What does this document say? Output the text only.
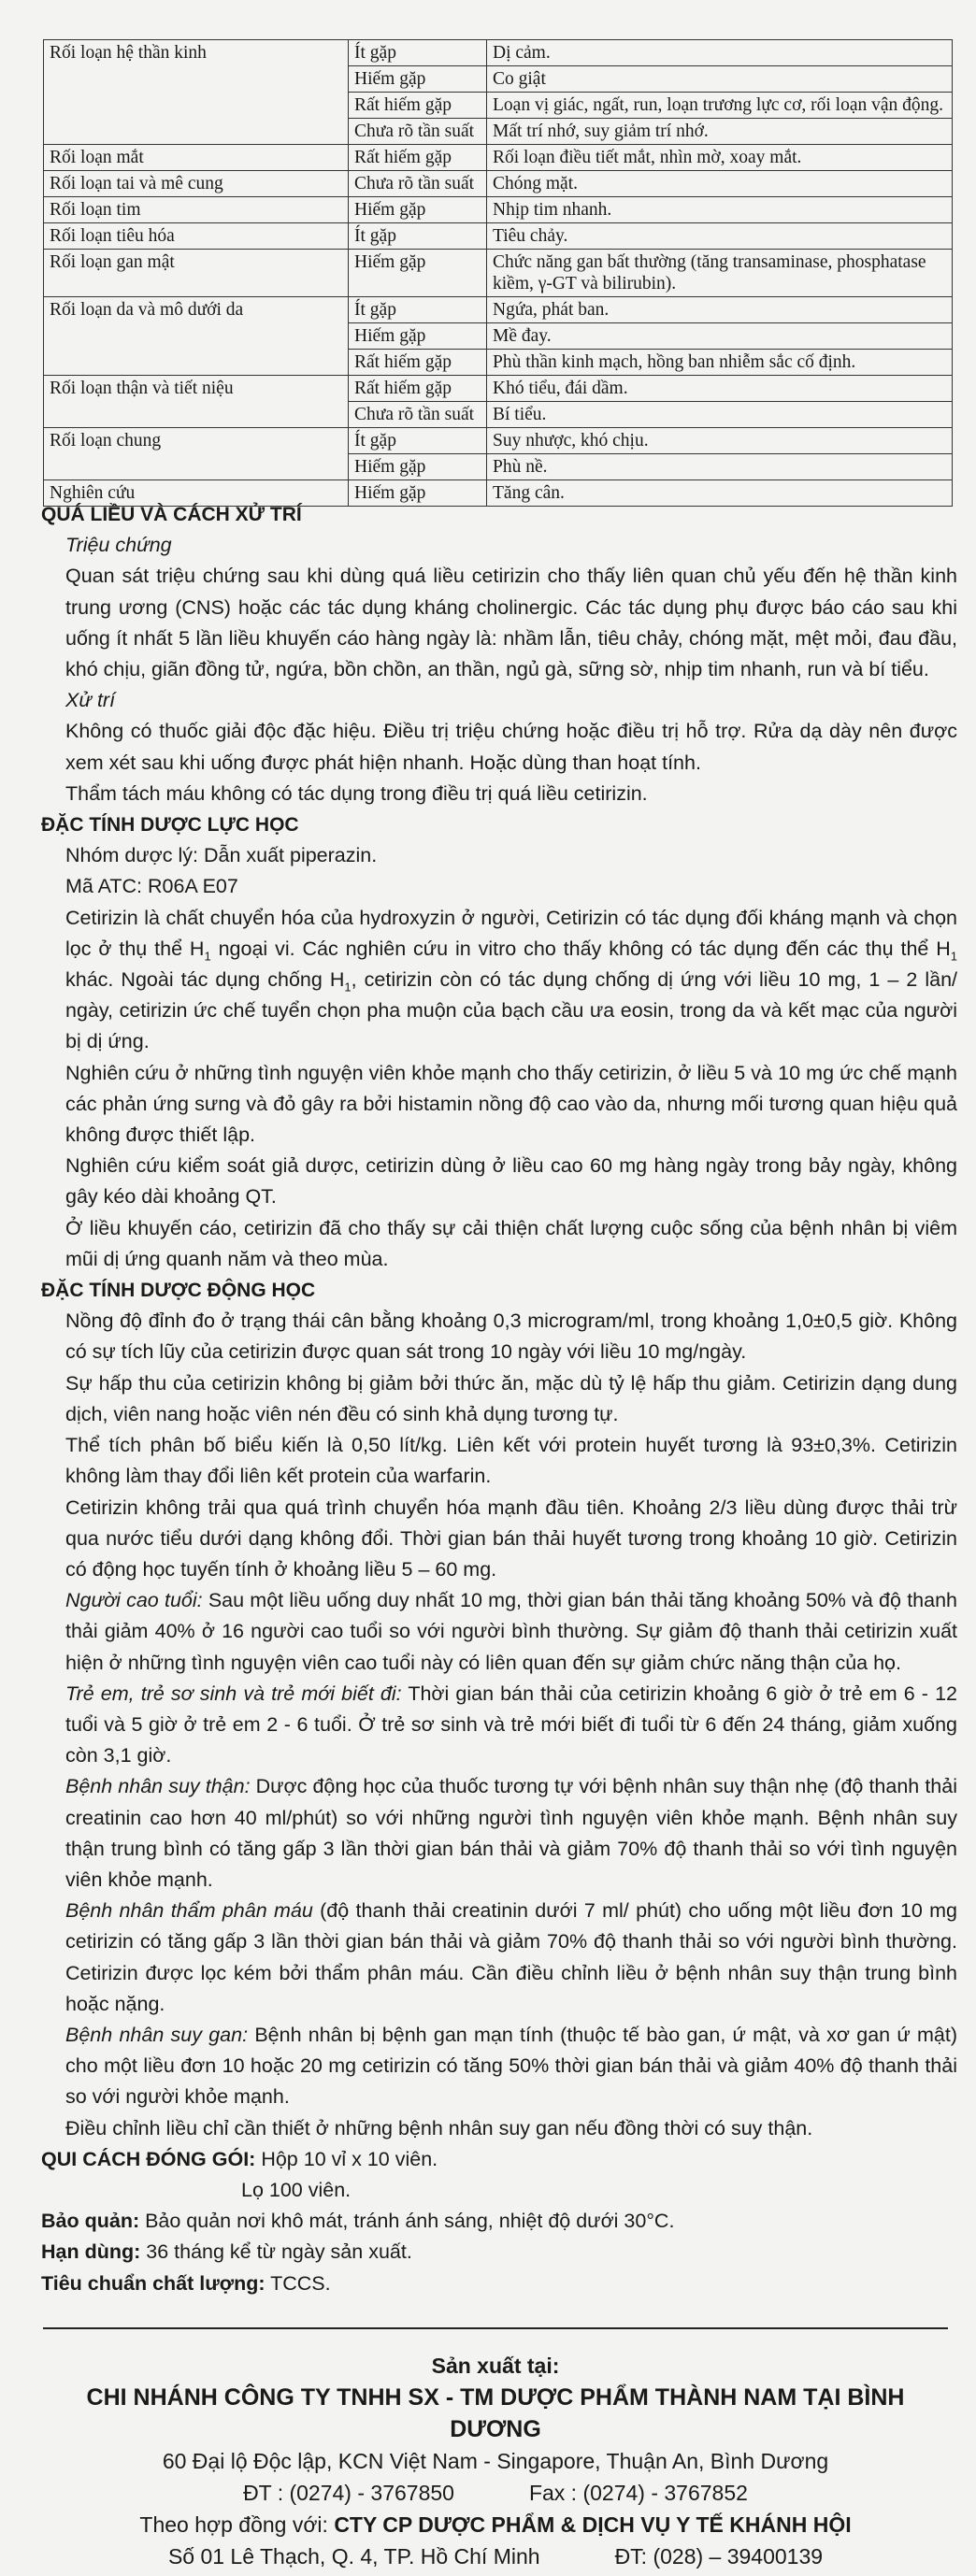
Rối loạn hệ thần kinh	Ít gặp	Dị cảm.
	Hiếm gặp	Co giật
	Rất hiếm gặp	Loạn vị giác, ngất, run, loạn trương lực cơ, rối loạn vận động.
	Chưa rõ tần suất	Mất trí nhớ, suy giảm trí nhớ.
Rối loạn mắt	Rất hiếm gặp	Rối loạn điều tiết mắt, nhìn mờ, xoay mắt.
Rối loạn tai và mê cung	Chưa rõ tần suất	Chóng mặt.
Rối loạn tim	Hiếm gặp	Nhịp tim nhanh.
Rối loạn tiêu hóa	Ít gặp	Tiêu chảy.
Rối loạn gan mật	Hiếm gặp	Chức năng gan bất thường (tăng transaminase, phosphatase kiềm, γ-GT và bilirubin).
Rối loạn da và mô dưới da	Ít gặp	Ngứa, phát ban.
	Hiếm gặp	Mề đay.
	Rất hiếm gặp	Phù thần kinh mạch, hồng ban nhiễm sắc cố định.
Rối loạn thận và tiết niệu	Rất hiếm gặp	Khó tiểu, đái dầm.
	Chưa rõ tần suất	Bí tiểu.
Rối loạn chung	Ít gặp	Suy nhược, khó chịu.
	Hiếm gặp	Phù nề.
Nghiên cứu	Hiếm gặp	Tăng cân.

QUÁ LIỀU VÀ CÁCH XỬ TRÍ

Triệu chứng

Quan sát triệu chứng sau khi dùng quá liều cetirizin cho thấy liên quan chủ yếu đến hệ thần kinh trung ương (CNS) hoặc các tác dụng kháng cholinergic. Các tác dụng phụ được báo cáo sau khi uống ít nhất 5 lần liều khuyến cáo hàng ngày là: nhầm lẫn, tiêu chảy, chóng mặt, mệt mỏi, đau đầu, khó chịu, giãn đồng tử, ngứa, bồn chồn, an thần, ngủ gà, sững sờ, nhịp tim nhanh, run và bí tiểu.

Xử trí

Không có thuốc giải độc đặc hiệu. Điều trị triệu chứng hoặc điều trị hỗ trợ. Rửa dạ dày nên được xem xét sau khi uống được phát hiện nhanh. Hoặc dùng than hoạt tính.

Thẩm tách máu không có tác dụng trong điều trị quá liều cetirizin.

ĐẶC TÍNH DƯỢC LỰC HỌC

Nhóm dược lý: Dẫn xuất piperazin.

Mã ATC: R06A E07

Cetirizin là chất chuyển hóa của hydroxyzin ở người, Cetirizin có tác dụng đối kháng mạnh và chọn lọc ở thụ thể $H_1$ ngoại vi. Các nghiên cứu in vitro cho thấy không có tác dụng đến các thụ thể $H_1$ khác. Ngoài tác dụng chống $H_1$, cetirizin còn có tác dụng chống dị ứng với liều 10 mg, 1 – 2 lần/ ngày, cetirizin ức chế tuyển chọn pha muộn của bạch cầu ưa eosin, trong da và kết mạc của người bị dị ứng.

Nghiên cứu ở những tình nguyện viên khỏe mạnh cho thấy cetirizin, ở liều 5 và 10 mg ức chế mạnh các phản ứng sưng và đỏ gây ra bởi histamin nồng độ cao vào da, nhưng mối tương quan hiệu quả không được thiết lập.

Nghiên cứu kiểm soát giả dược, cetirizin dùng ở liều cao 60 mg hàng ngày trong bảy ngày, không gây kéo dài khoảng QT.

Ở liều khuyến cáo, cetirizin đã cho thấy sự cải thiện chất lượng cuộc sống của bệnh nhân bị viêm mũi dị ứng quanh năm và theo mùa.

ĐẶC TÍNH DƯỢC ĐỘNG HỌC

Nồng độ đỉnh đo ở trạng thái cân bằng khoảng 0,3 microgram/ml, trong khoảng 1,0±0,5 giờ. Không có sự tích lũy của cetirizin được quan sát trong 10 ngày với liều 10 mg/ngày.

Sự hấp thu của cetirizin không bị giảm bởi thức ăn, mặc dù tỷ lệ hấp thu giảm. Cetirizin dạng dung dịch, viên nang hoặc viên nén đều có sinh khả dụng tương tự.

Thể tích phân bố biểu kiến là 0,50 lít/kg. Liên kết với protein huyết tương là 93±0,3%. Cetirizin không làm thay đổi liên kết protein của warfarin.

Cetirizin không trải qua quá trình chuyển hóa mạnh đầu tiên. Khoảng 2/3 liều dùng được thải trừ qua nước tiểu dưới dạng không đổi. Thời gian bán thải huyết tương trong khoảng 10 giờ. Cetirizin có động học tuyến tính ở khoảng liều 5 – 60 mg.

Người cao tuổi: Sau một liều uống duy nhất 10 mg, thời gian bán thải tăng khoảng 50% và độ thanh thải giảm 40% ở 16 người cao tuổi so với người bình thường. Sự giảm độ thanh thải cetirizin xuất hiện ở những tình nguyện viên cao tuổi này có liên quan đến sự giảm chức năng thận của họ.

Trẻ em, trẻ sơ sinh và trẻ mới biết đi: Thời gian bán thải của cetirizin khoảng 6 giờ ở trẻ em 6 - 12 tuổi và 5 giờ ở trẻ em 2 - 6 tuổi. Ở trẻ sơ sinh và trẻ mới biết đi tuổi từ 6 đến 24 tháng, giảm xuống còn 3,1 giờ.

Bệnh nhân suy thận: Dược động học của thuốc tương tự với bệnh nhân suy thận nhẹ (độ thanh thải creatinin cao hơn 40 ml/phút) so với những người tình nguyện viên khỏe mạnh. Bệnh nhân suy thận trung bình có tăng gấp 3 lần thời gian bán thải và giảm 70% độ thanh thải so với tình nguyện viên khỏe mạnh.

Bệnh nhân thẩm phân máu (độ thanh thải creatinin dưới 7 ml/ phút) cho uống một liều đơn 10 mg cetirizin có tăng gấp 3 lần thời gian bán thải và giảm 70% độ thanh thải so với người bình thường. Cetirizin được lọc kém bởi thẩm phân máu. Cần điều chỉnh liều ở bệnh nhân suy thận trung bình hoặc nặng.

Bệnh nhân suy gan: Bệnh nhân bị bệnh gan mạn tính (thuộc tế bào gan, ứ mật, và xơ gan ứ mật) cho một liều đơn 10 hoặc 20 mg cetirizin có tăng 50% thời gian bán thải và giảm 40% độ thanh thải so với người khỏe mạnh.

Điều chỉnh liều chỉ cần thiết ở những bệnh nhân suy gan nếu đồng thời có suy thận.

QUI CÁCH ĐÓNG GÓI: Hộp 10 vỉ x 10 viên.

Lọ 100 viên.

Bảo quản: Bảo quản nơi khô mát, tránh ánh sáng, nhiệt độ dưới 30°C.

Hạn dùng: 36 tháng kể từ ngày sản xuất.

Tiêu chuẩn chất lượng: TCCS.

Sản xuất tại:
CHI NHÁNH CÔNG TY TNHH SX - TM DƯỢC PHẨM THÀNH NAM TẠI BÌNH DƯƠNG
60 Đại lộ Độc lập, KCN Việt Nam - Singapore, Thuận An, Bình Dương
ĐT : (0274) - 3767850	Fax : (0274) - 3767852
Theo hợp đồng với: CTY CP DƯỢC PHẨM & DỊCH VỤ Y TẾ KHÁNH HỘI
Số 01 Lê Thạch, Q. 4, TP. Hồ Chí Minh	ĐT: (028) – 39400139
